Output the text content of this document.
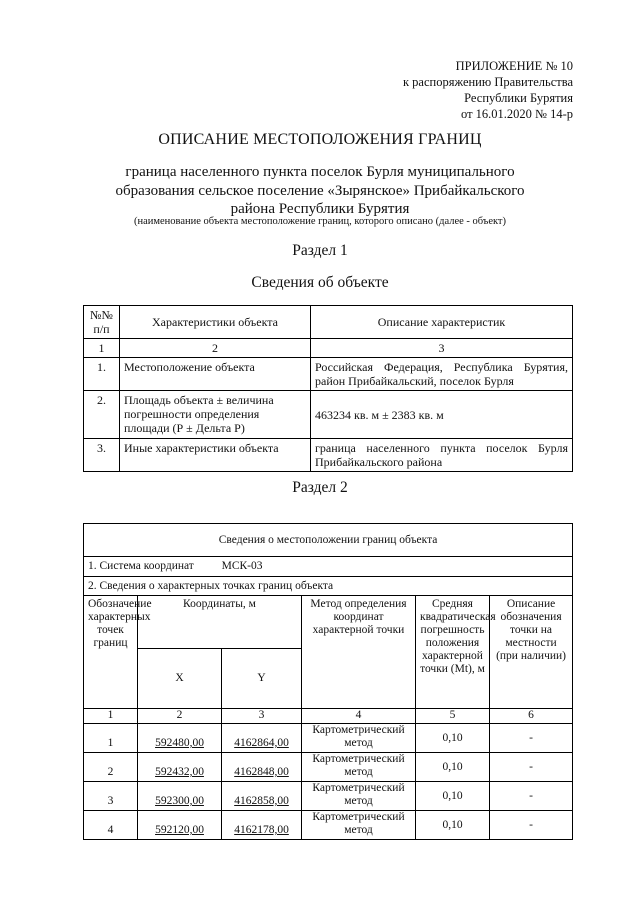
ПРИЛОЖЕНИЕ № 10
к распоряжению Правительства
Республики Бурятия
от 16.01.2020 № 14-р
ОПИСАНИЕ МЕСТОПОЛОЖЕНИЯ ГРАНИЦ
граница населенного пункта поселок Бурля муниципального
образования сельское поселение «Зырянское» Прибайкальского
района Республики Бурятия
(наименование объекта местоположение границ, которого описано (далее - объект)
Раздел 1
Сведения об объекте
№№ п/п	Характеристики объекта	Описание характеристик
1	2	3
1.	Местоположение объекта	Российская Федерация, Республика Бурятия,
район Прибайкальский, поселок Бурля

2.	Площадь объекта ± величина погрешности определения площади (Р ± Дельта Р)	463234 кв. м ± 2383 кв. м

3.	Иные характеристики объекта	граница населенного пункта поселок Бурля
Прибайкальского района
Раздел 2
Сведения о местоположении границ объекта					
1. Система координат МСК-03					
2. Сведения о характерных точках границ объекта					
Обозначение характерных точек границ	Координаты, м		Метод определения координат характерной точки	Средняя квадратическая погрешность положения характерной точки (Mt), м	Описание обозначения точки на местности (при наличии)
	X	Y			
1	2	3	4	5	6
1	592480,00	4162864,00	Картометрический метод	0,10	-
2	592432,00	4162848,00	Картометрический метод	0,10	-
3	592300,00	4162858,00	Картометрический метод	0,10	-
4	592120,00	4162178,00	Картометрический метод	0,10	-
